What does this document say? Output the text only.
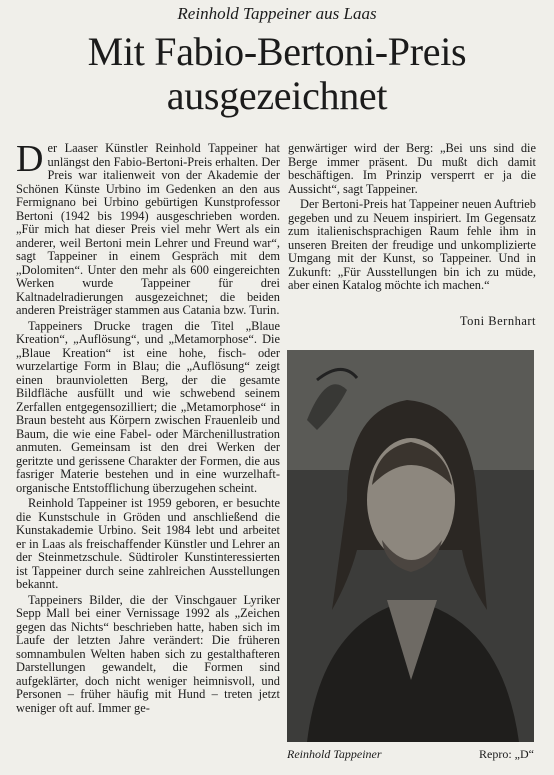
Reinhold Tappeiner aus Laas
Mit Fabio-Bertoni-Preis
ausgezeichnet

Der Laaser Künstler Reinhold Tappeiner hat unlängst den Fabio-Bertoni-Preis erhalten. Der Preis war italienweit von der Akademie der Schönen Künste Urbino im Gedenken an den aus Fermignano bei Urbino gebürtigen Kunstprofessor Bertoni (1942 bis 1994) ausgeschrieben worden. „Für mich hat dieser Preis viel mehr Wert als ein anderer, weil Bertoni mein Lehrer und Freund war“, sagt Tappeiner in einem Gespräch mit dem „Dolomiten“. Unter den mehr als 600 eingereichten Werken wurde Tappeiner für drei Kaltnadelradierungen ausgezeichnet; die beiden anderen Preisträger stammen aus Catania bzw. Turin.

Tappeiners Drucke tragen die Titel „Blaue Kreation“, „Auflösung“, und „Metamorphose“. Die „Blaue Kreation“ ist eine hohe, fisch- oder wurzelartige Form in Blau; die „Auflösung“ zeigt einen braunvioletten Berg, der die gesamte Bildfläche ausfüllt und wie schwebend seinem Zerfallen entgegensozilliert; die „Metamorphose“ in Braun besteht aus Körpern zwischen Frauenleib und Baum, die wie eine Fabel- oder Märchenillustration anmuten. Gemeinsam ist den drei Werken der geritzte und gerissene Charakter der Formen, die aus fasriger Materie bestehen und in eine wurzelhaft-organische Entstofflichung überzugehen scheint.

Reinhold Tappeiner ist 1959 geboren, er besuchte die Kunstschule in Gröden und anschließend die Kunstakademie Urbino. Seit 1984 lebt und arbeitet er in Laas als freischaffender Künstler und Lehrer an der Steinmetzschule. Südtiroler Kunstinteressierten ist Tappeiner durch seine zahlreichen Ausstellungen bekannt.

Tappeiners Bilder, die der Vinschgauer Lyriker Sepp Mall bei einer Vernissage 1992 als „Zeichen gegen das Nichts“ beschrieben hatte, haben sich im Laufe der letzten Jahre verändert: Die früheren somnambulen Welten haben sich zu gestalthafteren Darstellungen gewandelt, die Formen sind aufgeklärter, doch nicht weniger heimnisvoll, und Personen – früher häufig mit Hund – treten jetzt weniger oft auf. Immer ge-

genwärtiger wird der Berg: „Bei uns sind die Berge immer präsent. Du mußt dich damit beschäftigen. Im Prinzip versperrt er ja die Aussicht“, sagt Tappeiner.

Der Bertoni-Preis hat Tappeiner neuen Auftrieb gegeben und zu Neuem inspiriert. Im Gegensatz zum italienischsprachigen Raum fehle ihm in unseren Breiten der freudige und unkomplizierte Umgang mit der Kunst, so Tappeiner. Und in Zukunft: „Für Ausstellungen bin ich zu müde, aber einen Katalog möchte ich machen.“

Toni Bernhart
Reinhold Tappeiner	Repro: „D“
